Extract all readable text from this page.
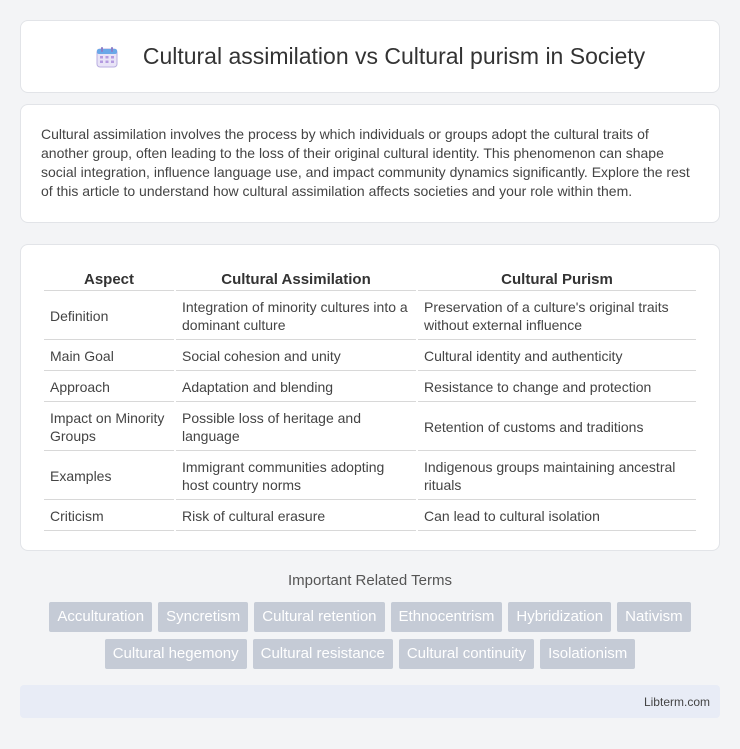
Cultural assimilation vs Cultural purism in Society

Cultural assimilation involves the process by which individuals or groups adopt the cultural traits of another group, often leading to the loss of their original cultural identity. This phenomenon can shape social integration, influence language use, and impact community dynamics significantly. Explore the rest of this article to understand how cultural assimilation affects societies and your role within them.

Aspect	Cultural Assimilation	Cultural Purism
Definition	Integration of minority cultures into a dominant culture	Preservation of a culture's original traits without external influence
Main Goal	Social cohesion and unity	Cultural identity and authenticity
Approach	Adaptation and blending	Resistance to change and protection
Impact on Minority Groups	Possible loss of heritage and language	Retention of customs and traditions
Examples	Immigrant communities adopting host country norms	Indigenous groups maintaining ancestral rituals
Criticism	Risk of cultural erasure	Can lead to cultural isolation
Important Related Terms
Acculturation	Syncretism	Cultural retention	Ethnocentrism	Hybridization	Nativism
Cultural hegemony	Cultural resistance	Cultural continuity	Isolationism
Libterm.com
